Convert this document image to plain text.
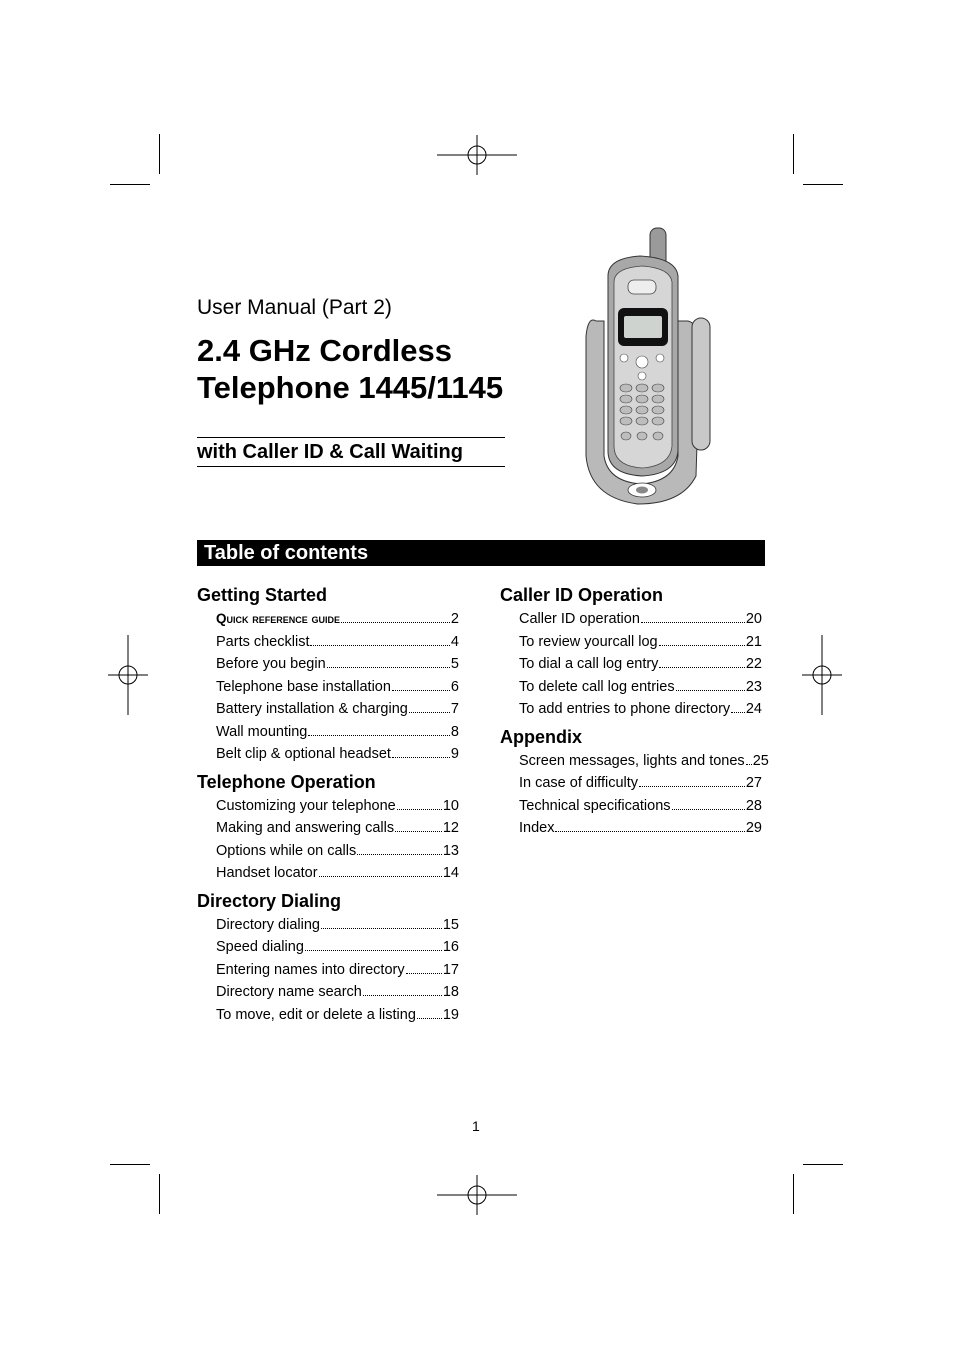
User Manual (Part 2)
2.4 GHz Cordless
Telephone 1445/1145
with Caller ID & Call Waiting
Table of contents
Getting Started
Quick reference guide	2
Parts checklist	4
Before you begin	5
Telephone base installation	6
Battery installation & charging	7
Wall mounting	8
Belt clip & optional headset	9
Telephone Operation
Customizing your telephone	10
Making and answering calls	12
Options while on calls	13
Handset locator	14
Directory Dialing
Directory dialing	15
Speed dialing	16
Entering names into directory	17
Directory name search	18
To move, edit or delete a listing 19
Caller ID Operation
Caller ID operation	20
To review yourcall log	21
To dial a call log entry	22
To delete call log entries	23
To add entries to phone directory 24
Appendix
Screen messages, lights and tones 25
In case of difficulty	27
Technical specifications	28
Index	29
1
